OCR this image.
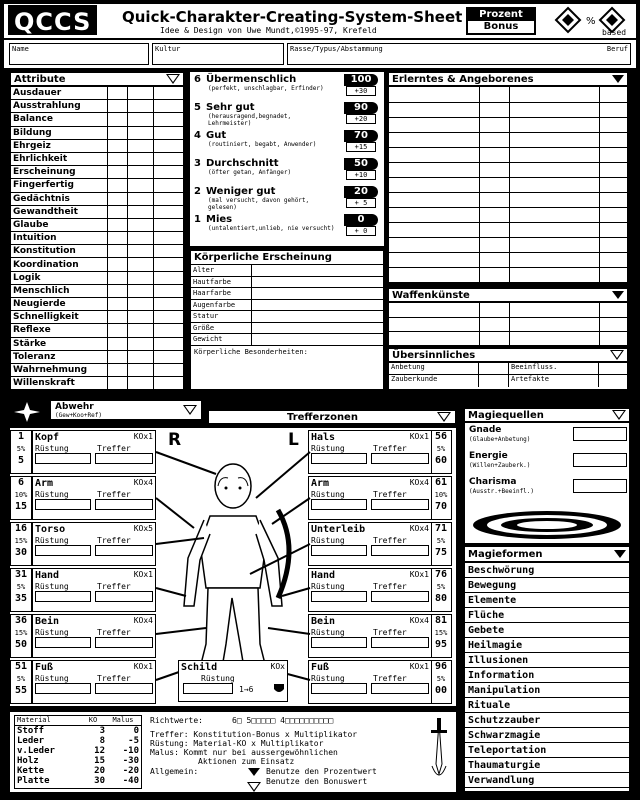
QCCS	Quick-Charakter-Creating-System-Sheet
Idee & Design von Uwe Mundt,©1995-97, Krefeld
Prozent
Bonus	%
based
Name	Kultur	Rasse/Typus/Abstammung	Beruf
Attribute
Ausdauer
Ausstrahlung
Balance
Bildung
Ehrgeiz
Ehrlichkeit
Erscheinung
Fingerfertig
Gedächtnis
Gewandtheit
Glaube
Intuition
Konstitution
Koordination
Logik
Menschlich
Neugierde
Schnelligkeit
Reflexe
Stärke
Toleranz
Wahrnehmung
Willenskraft
6 Übermenschlich
(perfekt, unschlagbar, Erfinder)
100
+30
5 Sehr gut
(herausragend,begnadet, Lehrmeister)
90
+20
4 Gut
(routiniert, begabt, Anwender)
70
+15
3 Durchschnitt
(öfter getan, Anfänger)
50
+10
2 Weniger gut
(mal versucht, davon gehört, gelesen)
20
+ 5
1 Mies
(untalentiert,unlieb, nie versucht)
0
+ 0
Körperliche Erscheinung
Alter
Hautfarbe
Haarfarbe
Augenfarbe
Statur
Größe
Gewicht
Körperliche Besonderheiten:
Erlerntes & Angeborenes
Waffenkünste
Übersinnliches
Anbetung	Beeinfluss.
Zauberkunde	Artefakte
Abwehr
(Gew+Koo+Ref)	Trefferzonen
R	L
1
5%
5
Kopf	KOx1
Rüstung	Treffer
6
10%
15
Arm	KOx4
Rüstung	Treffer
16
15%
30
Torso	KOx5
Rüstung	Treffer
31
5%
35
Hand	KOx1
Rüstung	Treffer
36
15%
50
Bein	KOx4
Rüstung	Treffer
51
5%
55
Fuß	KOx1
Rüstung	Treffer
56
5%
60
Hals	KOx1
Rüstung	Treffer
61
10%
70
Arm	KOx4
Rüstung	Treffer
71
5%
75
Unterleib	KOx4
Rüstung	Treffer
76
5%
80
Hand	KOx1
Rüstung	Treffer
81
15%
95
Bein	KOx4
Rüstung	Treffer
96
5%
00
Fuß	KOx1
Rüstung	Treffer
Schild	KOx
Rüstung
1→6
Material	KO	Malus
Stoff	3	0
Leder	8	-5
v.Leder	12	-10
Holz	15	-30
Kette	20	-20
Platte	30	-40
Richtwerte:	6□ 5□□□□□ 4□□□□□□□□□□
Treffer: Konstitution-Bonus x Multiplikator
Rüstung: Material-KO x Multiplikator
Malus: Kommt nur bei aussergewöhnlichen
Aktionen zum Einsatz
Allgemein:	Benutze den Prozentwert
Benutze den Bonuswert
Magiequellen
Gnade
(Glaube+Anbetung)
Energie
(Willen+Zauberk.)
Charisma
(Ausstr.+Beeinfl.)
Magieformen
Beschwörung
Bewegung
Elemente
Flüche
Gebete
Heilmagie
Illusionen
Information
Manipulation
Rituale
Schutzzauber
Schwarzmagie
Teleportation
Thaumaturgie
Verwandlung
